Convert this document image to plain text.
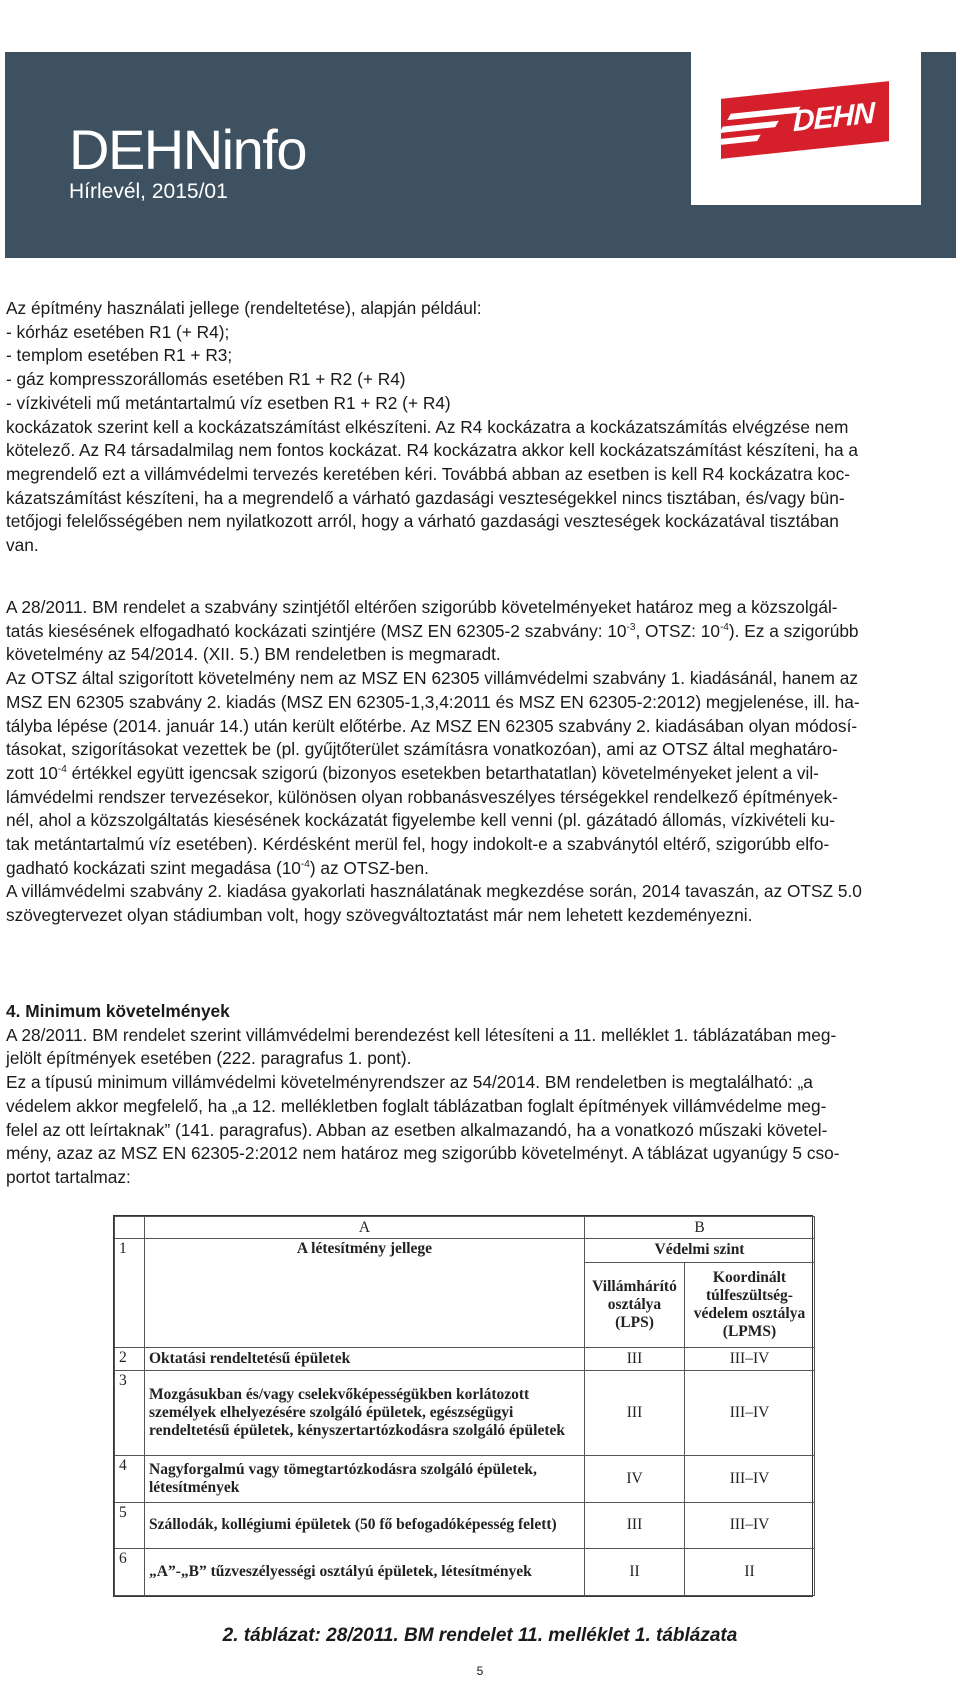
DEHNinfo
Hírlevél, 2015/01
DEHN
Az építmény használati jellege (rendeltetése), alapján például:
- kórház esetében R1 (+ R4);
- templom esetében R1 + R3;
- gáz kompresszorállomás esetében R1 + R2 (+ R4)
- vízkivételi mű metántartalmú víz esetben R1 + R2 (+ R4)
kockázatok szerint kell a kockázatszámítást elkészíteni. Az R4 kockázatra a kockázatszámítás elvégzése nem
kötelező. Az R4 társadalmilag nem fontos kockázat. R4 kockázatra akkor kell kockázatszámítást készíteni, ha a
megrendelő ezt a villámvédelmi tervezés keretében kéri. Továbbá abban az esetben is kell R4 kockázatra koc-
kázatszámítást készíteni, ha a megrendelő a várható gazdasági veszteségekkel nincs tisztában, és/vagy bün-
tetőjogi felelősségében nem nyilatkozott arról, hogy a várható gazdasági veszteségek kockázatával tisztában
van.
A 28/2011. BM rendelet a szabvány szintjétől eltérően szigorúbb követelményeket határoz meg a közszolgál-
tatás kiesésének elfogadható kockázati szintjére (MSZ EN 62305-2 szabvány: $10^{-3}$, OTSZ: $10^{-4}$). Ez a szigorúbb
követelmény az 54/2014. (XII. 5.) BM rendeletben is megmaradt.
Az OTSZ által szigorított követelmény nem az MSZ EN 62305 villámvédelmi szabvány 1. kiadásánál, hanem az
MSZ EN 62305 szabvány 2. kiadás (MSZ EN 62305-1,3,4:2011 és MSZ EN 62305-2:2012) megjelenése, ill. ha-
tályba lépése (2014. január 14.) után került előtérbe. Az MSZ EN 62305 szabvány 2. kiadásában olyan módosí-
tásokat, szigorításokat vezettek be (pl. gyűjtőterület számításra vonatkozóan), ami az OTSZ által meghatáro-
zott $10^{-4}$ értékkel együtt igencsak szigorú (bizonyos esetekben betarthatatlan) követelményeket jelent a vil-
lámvédelmi rendszer tervezésekor, különösen olyan robbanásveszélyes térségekkel rendelkező építmények-
nél, ahol a közszolgáltatás kiesésének kockázatát figyelembe kell venni (pl. gázátadó állomás, vízkivételi ku-
tak metántartalmú víz esetében). Kérdésként merül fel, hogy indokolt-e a szabványtól eltérő, szigorúbb elfo-
gadható kockázati szint megadása $(10^{-4})$ az OTSZ-ben.
A villámvédelmi szabvány 2. kiadása gyakorlati használatának megkezdése során, 2014 tavaszán, az OTSZ 5.0
szövegtervezet olyan stádiumban volt, hogy szövegváltoztatást már nem lehetett kezdeményezni.
4. Minimum követelmények
A 28/2011. BM rendelet szerint villámvédelmi berendezést kell létesíteni a 11. melléklet 1. táblázatában meg-
jelölt építmények esetében (222. paragrafus 1. pont).
Ez a típusú minimum villámvédelmi követelményrendszer az 54/2014. BM rendeletben is megtalálható: „a
védelem akkor megfelelő, ha „a 12. mellékletben foglalt táblázatban foglalt építmények villámvédelme meg-
felel az ott leírtaknak” (141. paragrafus). Abban az esetben alkalmazandó, ha a vonatkozó műszaki követel-
mény, azaz az MSZ EN 62305-2:2012 nem határoz meg szigorúbb követelményt. A táblázat ugyanúgy 5 cso-
portot tartalmaz:
	A	B	
1	A létesítmény jellege	Védelmi szint	
		Villámhárító osztálya (LPS)	Koordinált túlfeszültség-védelem osztálya (LPMS)
2	Oktatási rendeltetésű épületek	III	III–IV
3	Mozgásukban és/vagy cselekvőképességükben korlátozott személyek elhelyezésére szolgáló épületek, egészségügyi rendeltetésű épületek, kényszertartózkodásra szolgáló épületek	III	III–IV
4	Nagyforgalmú vagy tömegtartózkodásra szolgáló épületek, létesítmények	IV	III–IV
5	Szállodák, kollégiumi épületek (50 fő befogadóképesség felett)	III	III–IV
6	„A”-„B” tűzveszélyességi osztályú épületek, létesítmények	II	II
2. táblázat: 28/2011. BM rendelet 11. melléklet 1. táblázata
5
